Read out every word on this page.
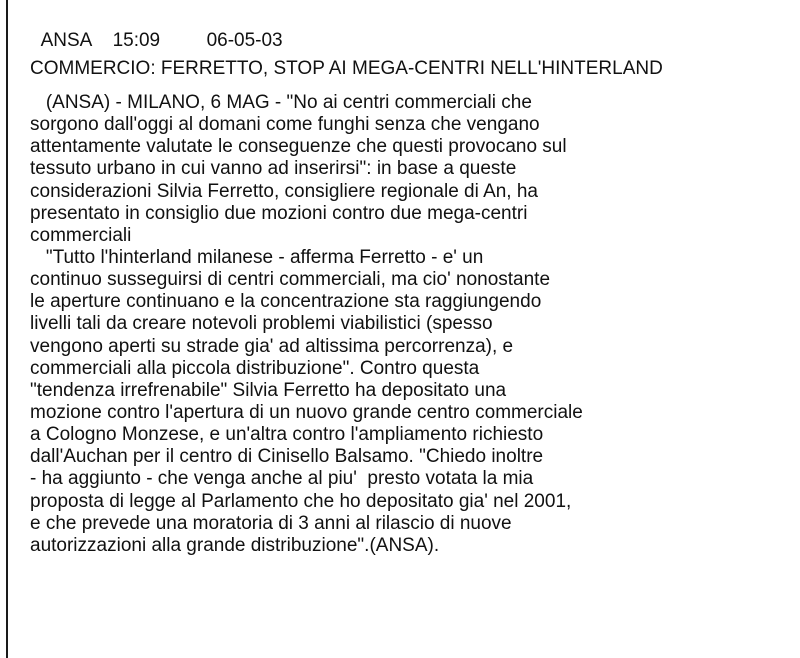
ANSA 15:09 06-05-03

COMMERCIO: FERRETTO, STOP AI MEGA-CENTRI NELL'HINTERLAND
(ANSA) - MILANO, 6 MAG - "No ai centri commerciali che
sorgono dall'oggi al domani come funghi senza che vengano
attentamente valutate le conseguenze che questi provocano sul
tessuto urbano in cui vanno ad inserirsi": in base a queste
considerazioni Silvia Ferretto, consigliere regionale di An, ha
presentato in consiglio due mozioni contro due mega-centri
commerciali
"Tutto l'hinterland milanese - afferma Ferretto - e' un
continuo susseguirsi di centri commerciali, ma cio' nonostante
le aperture continuano e la concentrazione sta raggiungendo
livelli tali da creare notevoli problemi viabilistici (spesso
vengono aperti su strade gia' ad altissima percorrenza), e
commerciali alla piccola distribuzione". Contro questa
"tendenza irrefrenabile" Silvia Ferretto ha depositato una
mozione contro l'apertura di un nuovo grande centro commerciale
a Cologno Monzese, e un'altra contro l'ampliamento richiesto
dall'Auchan per il centro di Cinisello Balsamo. "Chiedo inoltre
- ha aggiunto - che venga anche al piu'  presto votata la mia
proposta di legge al Parlamento che ho depositato gia' nel 2001,
e che prevede una moratoria di 3 anni al rilascio di nuove
autorizzazioni alla grande distribuzione".(ANSA).
